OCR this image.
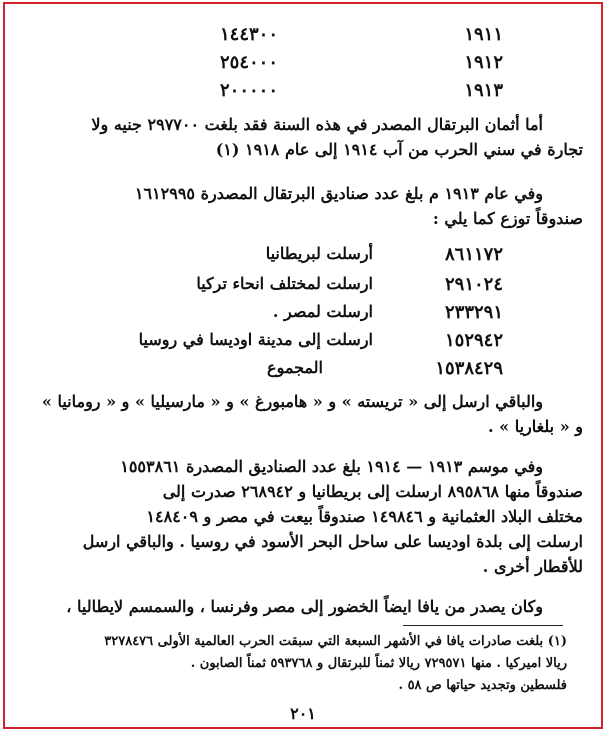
١٩١١
١٤٤٣٠٠
١٩١٢
٢٥٤٠٠٠
١٩١٣
٢٠٠٠٠٠
أما أثمان البرتقال المصدر في هذه السنة فقد بلغت ٢٩٧٧٠٠ جنيه ولا
تجارة في سني الحرب من آب ١٩١٤ إلى عام ١٩١٨ (١)
وفي عام ١٩١٣ م بلغ عدد صناديق البرتقال المصدرة ١٦١٢٩٩٥
صندوقاً توزع كما يلي :
٨٦١١٧٢
أرسلت لبريطانيا
٢٩١٠٢٤
ارسلت لمختلف انحاء تركيا
٢٣٣٢٩١
ارسلت لمصر .
١٥٢٩٤٢
ارسلت إلى مدينة اوديسا في روسيا
١٥٣٨٤٢٩
المجموع
والباقي ارسل إلى « تريسته » و « هامبورغ » و « مارسيليا » و « رومانيا »
و « بلغاريا » .
وفي موسم ١٩١٣ — ١٩١٤ بلغ عدد الصناديق المصدرة ١٥٥٣٨٦١
صندوقاً منها ٨٩٥٨٦٨ ارسلت إلى بريطانيا و ٢٦٨٩٤٢ صدرت إلى
مختلف البلاد العثمانية و ١٤٩٨٤٦ صندوقاً بيعت في مصر و ١٤٨٤٠٩
ارسلت إلى بلدة اوديسا على ساحل البحر الأسود في روسيا . والباقي ارسل
للأقطار أخرى .
وكان يصدر من يافا ايضاً الخضور إلى مصر وفرنسا ، والسمسم لايطاليا ،
(١) بلغت صادرات يافا في الأشهر السبعة التي سبقت الحرب العالمية الأولى ٣٢٧٨٤٧٦
ريالا اميركيا . منها ٧٢٩٥٧١ ريالا ثمناً للبرتقال و ٥٩٣٧٦٨ ثمناً الصابون .
فلسطين وتجديد حياتها ص ٥٨ .
٢٠١
